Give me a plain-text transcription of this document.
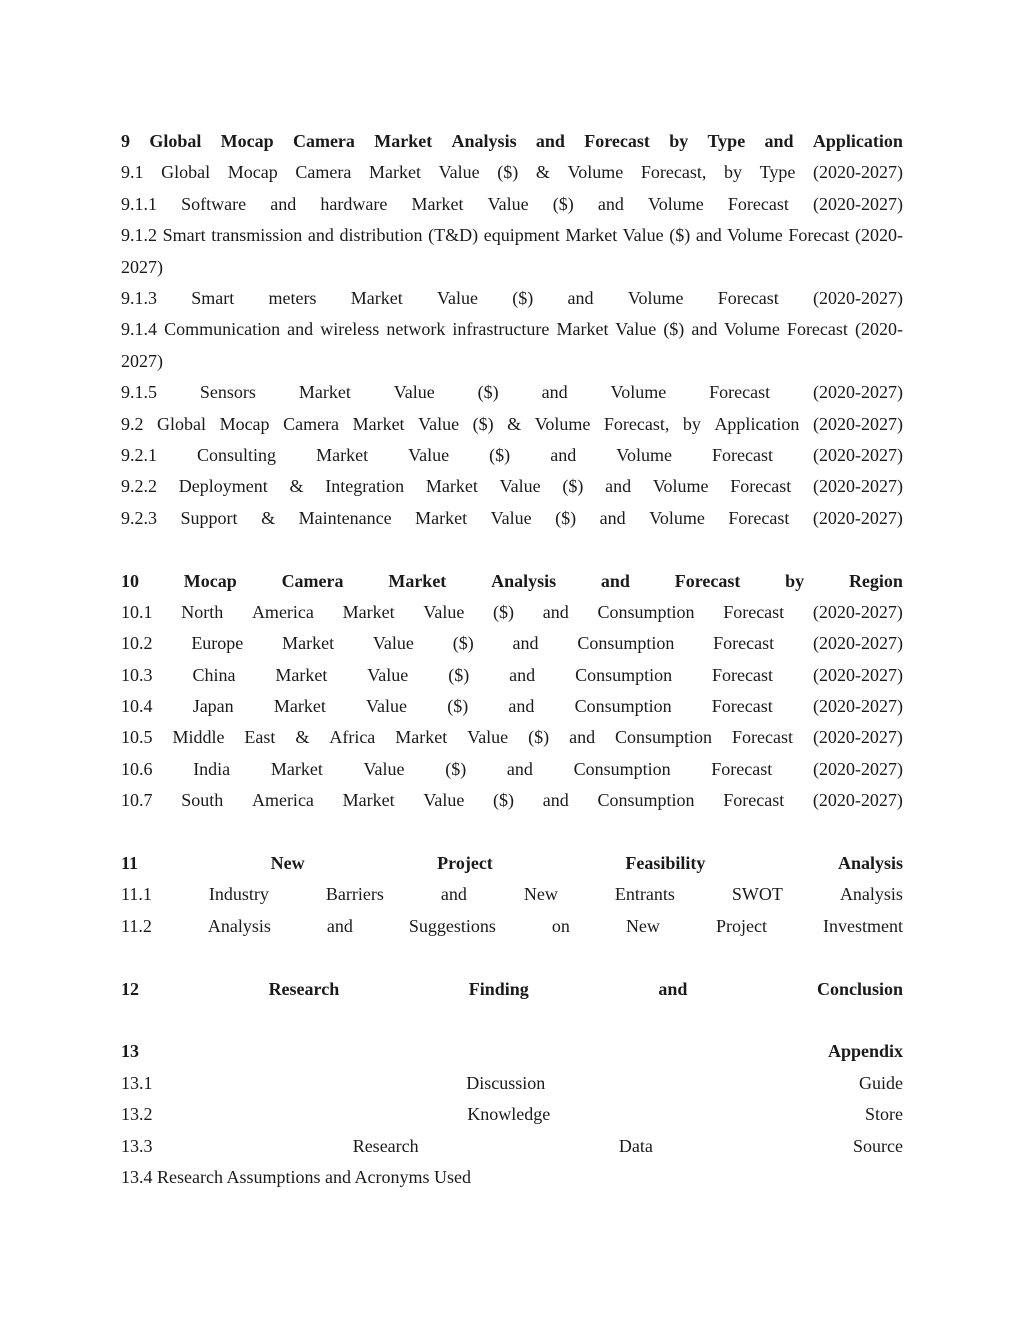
9 Global Mocap Camera Market Analysis and Forecast by Type and Application
9.1 Global Mocap Camera Market Value ($) & Volume Forecast, by Type (2020-2027)
9.1.1 Software and hardware Market Value ($) and Volume Forecast (2020-2027)
9.1.2 Smart transmission and distribution (T&D) equipment Market Value ($) and Volume Forecast (2020-2027)
9.1.3 Smart meters Market Value ($) and Volume Forecast (2020-2027)
9.1.4 Communication and wireless network infrastructure Market Value ($) and Volume Forecast (2020-2027)
9.1.5 Sensors Market Value ($) and Volume Forecast (2020-2027)
9.2 Global Mocap Camera Market Value ($) & Volume Forecast, by Application (2020-2027)
9.2.1 Consulting Market Value ($) and Volume Forecast (2020-2027)
9.2.2 Deployment & Integration Market Value ($) and Volume Forecast (2020-2027)
9.2.3 Support & Maintenance Market Value ($) and Volume Forecast (2020-2027)
10 Mocap Camera Market Analysis and Forecast by Region
10.1 North America Market Value ($) and Consumption Forecast (2020-2027)
10.2 Europe Market Value ($) and Consumption Forecast (2020-2027)
10.3 China Market Value ($) and Consumption Forecast (2020-2027)
10.4 Japan Market Value ($) and Consumption Forecast (2020-2027)
10.5 Middle East & Africa Market Value ($) and Consumption Forecast (2020-2027)
10.6 India Market Value ($) and Consumption Forecast (2020-2027)
10.7 South America Market Value ($) and Consumption Forecast (2020-2027)
11	New	Project	Feasibility	Analysis
11.1	Industry	Barriers	and	New	Entrants	SWOT	Analysis
11.2	Analysis	and	Suggestions	on	New	Project	Investment
12	Research	Finding	and	Conclusion
13	Appendix
13.1	Discussion	Guide
13.2	Knowledge	Store
13.3	Research	Data	Source
13.4 Research Assumptions and Acronyms Used
